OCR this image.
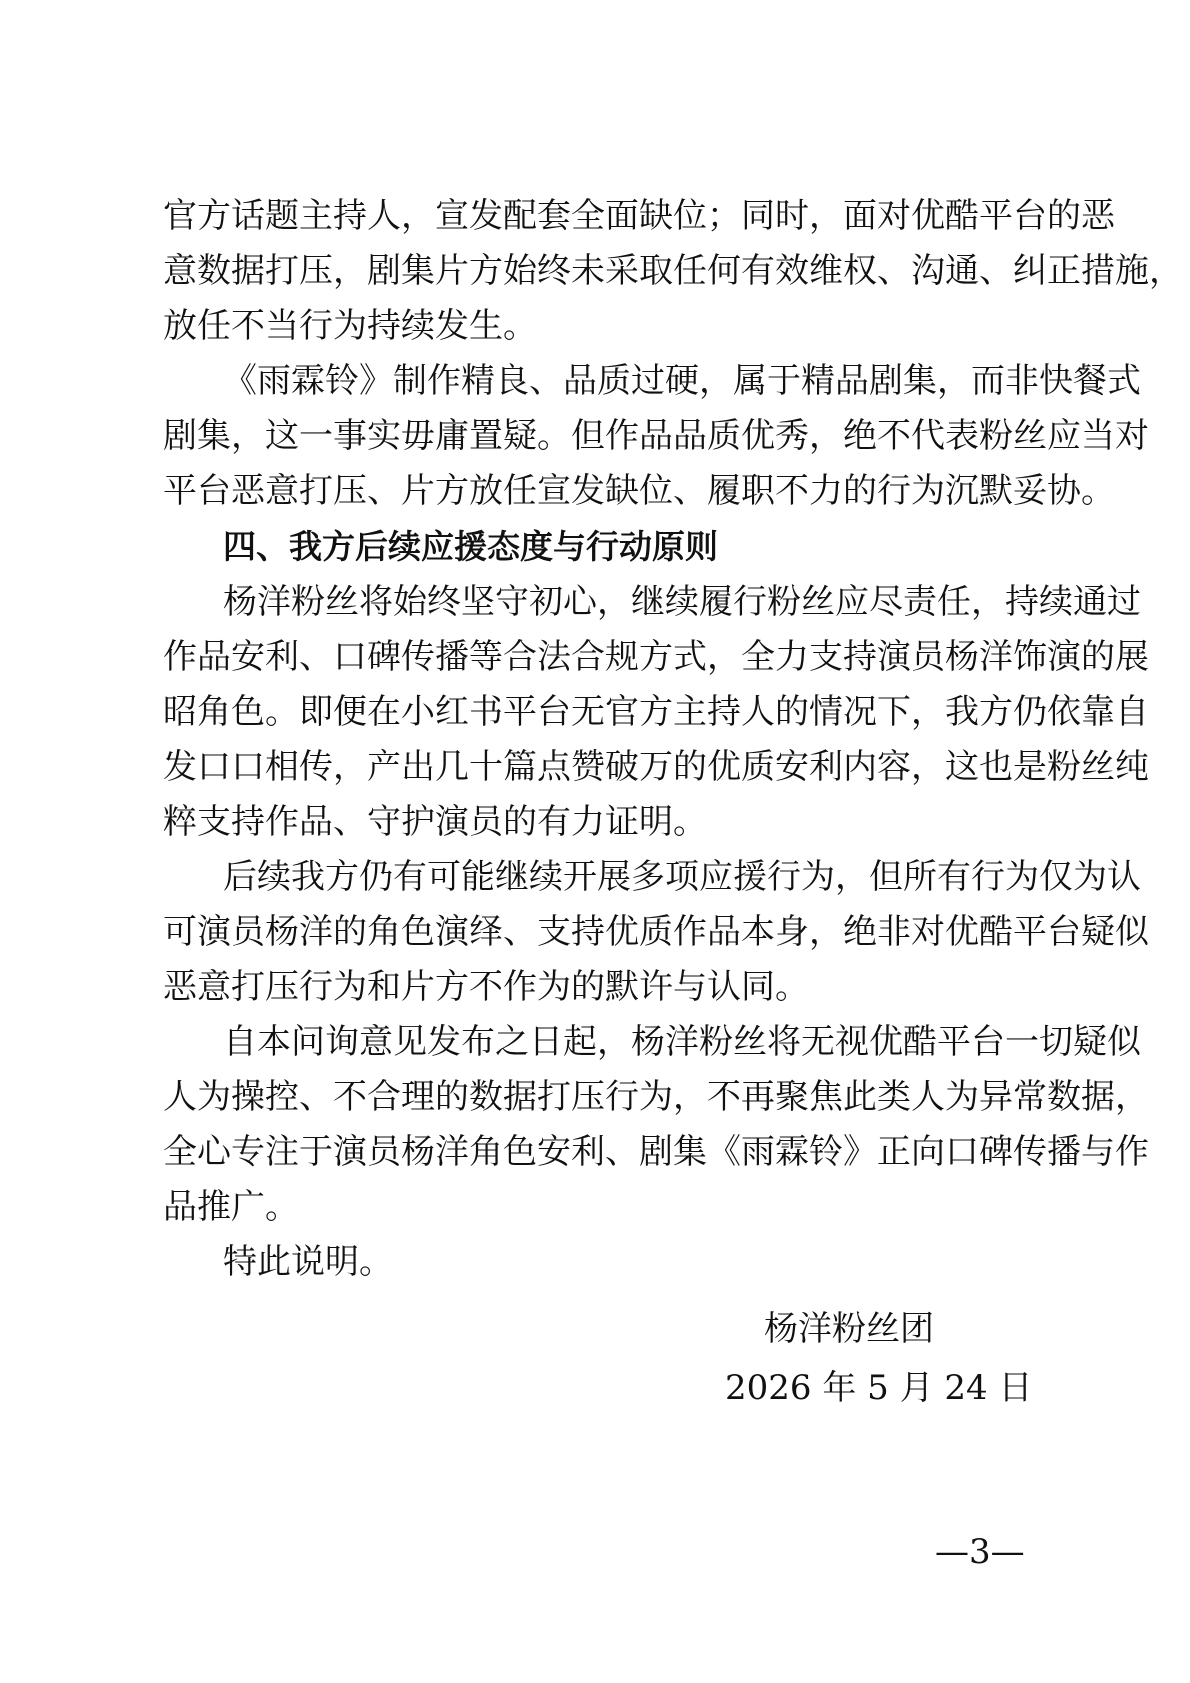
官方话题主持人，宣发配套全面缺位；同时，面对优酷平台的恶
意数据打压，剧集片方始终未采取任何有效维权、沟通、纠正措施，
放任不当行为持续发生。
《雨霖铃》制作精良、品质过硬，属于精品剧集，而非快餐式
剧集，这一事实毋庸置疑。但作品品质优秀，绝不代表粉丝应当对
平台恶意打压、片方放任宣发缺位、履职不力的行为沉默妥协。
四、我方后续应援态度与行动原则
杨洋粉丝将始终坚守初心，继续履行粉丝应尽责任，持续通过
作品安利、口碑传播等合法合规方式，全力支持演员杨洋饰演的展
昭角色。即便在小红书平台无官方主持人的情况下，我方仍依靠自
发口口相传，产出几十篇点赞破万的优质安利内容，这也是粉丝纯
粹支持作品、守护演员的有力证明。
后续我方仍有可能继续开展多项应援行为，但所有行为仅为认
可演员杨洋的角色演绎、支持优质作品本身，绝非对优酷平台疑似
恶意打压行为和片方不作为的默许与认同。
自本问询意见发布之日起，杨洋粉丝将无视优酷平台一切疑似
人为操控、不合理的数据打压行为，不再聚焦此类人为异常数据，
全心专注于演员杨洋角色安利、剧集《雨霖铃》正向口碑传播与作
品推广。
特此说明。
杨洋粉丝团
2026 年 5 月 24 日
—3—
